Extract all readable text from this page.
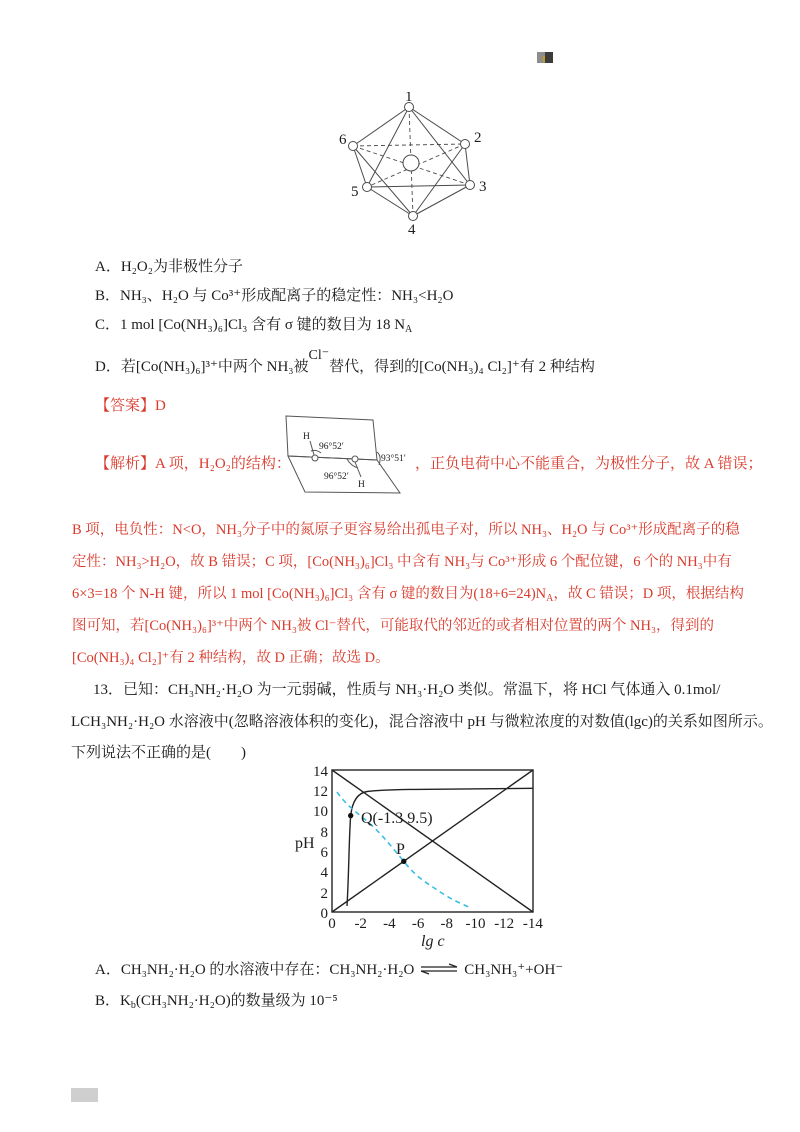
1
2
3
4
5
6
A．H₂O₂为非极性分子
B．NH₃、H₂O 与 Co³⁺形成配离子的稳定性：NH₃<H₂O
C．1 mol [Co(NH₃)₆]Cl₃ 含有 σ 键的数目为 18 $N_A$
D．若[Co(NH₃)₆]³⁺中两个 NH₃被Cl⁻替代，得到的[Co(NH₃)₄ Cl₂]⁺有 2 种结构
【答案】D
【解析】A 项，H₂O₂的结构：
H
H
96°52′
96°52′
93°51′ ，正负电荷中心不能重合，为极性分子，故 A 错误；
B 项，电负性：N<O，NH₃分子中的氮原子更容易给出孤电子对，所以 NH₃、H₂O 与 Co³⁺形成配离子的稳
定性：NH₃>H₂O，故 B 错误；C 项，[Co(NH₃)₆]Cl₃ 中含有 NH₃与 Co³⁺形成 6 个配位键，6 个的 NH₃中有
6×3=18 个 N-H 键，所以 1 mol [Co(NH₃)₆]Cl₃ 含有 σ 键的数目为$(18+6=24)N_A$，故 C 错误；D 项，根据结构
图可知，若[Co(NH₃)₆]³⁺中两个 NH₃被 Cl⁻替代，可能取代的邻近的或者相对位置的两个 NH₃，得到的
[Co(NH₃)₄ Cl₂]⁺有 2 种结构，故 D 正确；故选 D。
13．已知：CH₃NH₂·H₂O 为一元弱碱，性质与 NH₃·H₂O 类似。常温下，将 HCl 气体通入 0.1mol/
LCH₃NH₂·H₂O 水溶液中(忽略溶液体积的变化)，混合溶液中 pH 与微粒浓度的对数值(lgc)的关系如图所示。
下列说法不正确的是(　　)
Q(-1.3 9.5)
P
14
12
10
8
6
4
2
0
0 -2 -4 -6 -8 -10 -12 -14
pH
lg c
A．CH₃NH₂·H₂O 的水溶液中存在：CH₃NH₂·H₂O ⇌ CH₃NH₃⁺+OH⁻
B．$K_b(CH_3NH_2\cdot H_2O)$的数量级为 10⁻⁵
